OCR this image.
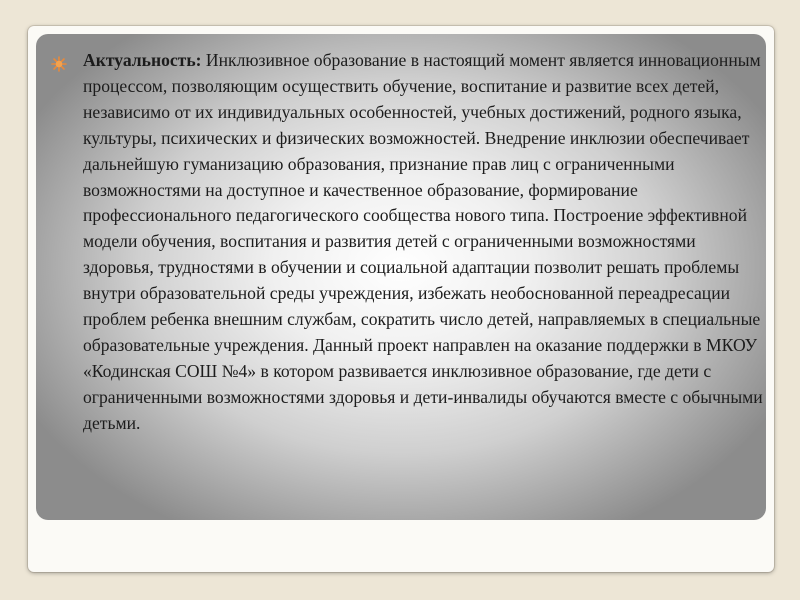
Актуальность: Инклюзивное образование в настоящий момент является инновационным процессом, позволяющим осуществить обучение, воспитание и развитие всех детей, независимо от их индивидуальных особенностей, учебных достижений, родного языка, культуры, психических и физических возможностей. Внедрение инклюзии обеспечивает дальнейшую гуманизацию образования, признание прав лиц с ограниченными возможностями на доступное и качественное образование, формирование профессионального педагогического сообщества нового типа. Построение эффективной модели обучения, воспитания и развития детей с ограниченными возможностями здоровья, трудностями в обучении и социальной адаптации позволит решать проблемы внутри образовательной среды учреждения, избежать необоснованной переадресации проблем ребенка внешним службам, сократить число детей, направляемых в специальные образовательные учреждения. Данный проект направлен на оказание поддержки в МКОУ «Кодинская СОШ №4» в котором развивается инклюзивное образование, где дети с ограниченными возможностями здоровья и дети-инвалиды обучаются вместе с обычными детьми.
